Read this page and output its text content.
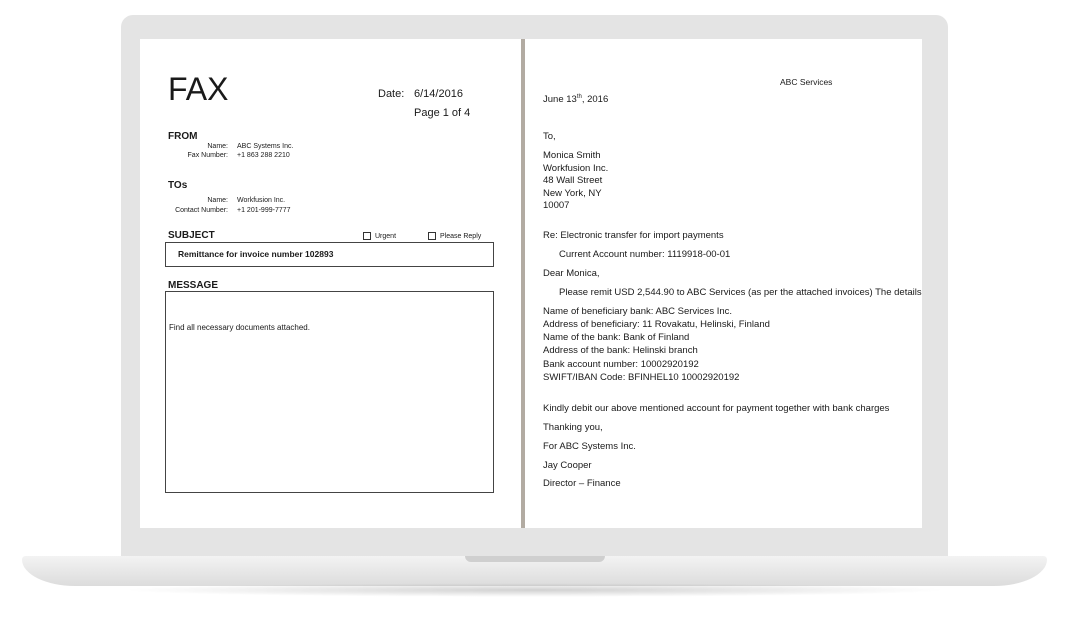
FAX	Date: 6/14/2016
Page 1 of 4
FROM
Name: ABC Systems Inc.
Fax Number: +1 863 288 2210
TOs
Name: Workfusion Inc.
Contact Number: +1 201-999-7777
SUBJECT	Urgent	Please Reply
Remittance for invoice number 102893
MESSAGE
Find all necessary documents attached.
ABC Services
June 13th, 2016
To,
Monica Smith
Workfusion Inc.
48 Wall Street
New York, NY
10007
Re: Electronic transfer for import payments
Current Account number: 1119918-00-01
Dear Monica,
Please remit USD 2,544.90 to ABC Services (as per the attached invoices) The details
Name of beneficiary bank: ABC Services Inc.
Address of beneficiary: 11 Rovakatu, Helinski, Finland
Name of the bank: Bank of Finland
Address of the bank: Helinski branch
Bank account number: 10002920192
SWIFT/IBAN Code: BFINHEL10 10002920192
Kindly debit our above mentioned account for payment together with bank charges
Thanking you,
For ABC Systems Inc.
Jay Cooper
Director – Finance
